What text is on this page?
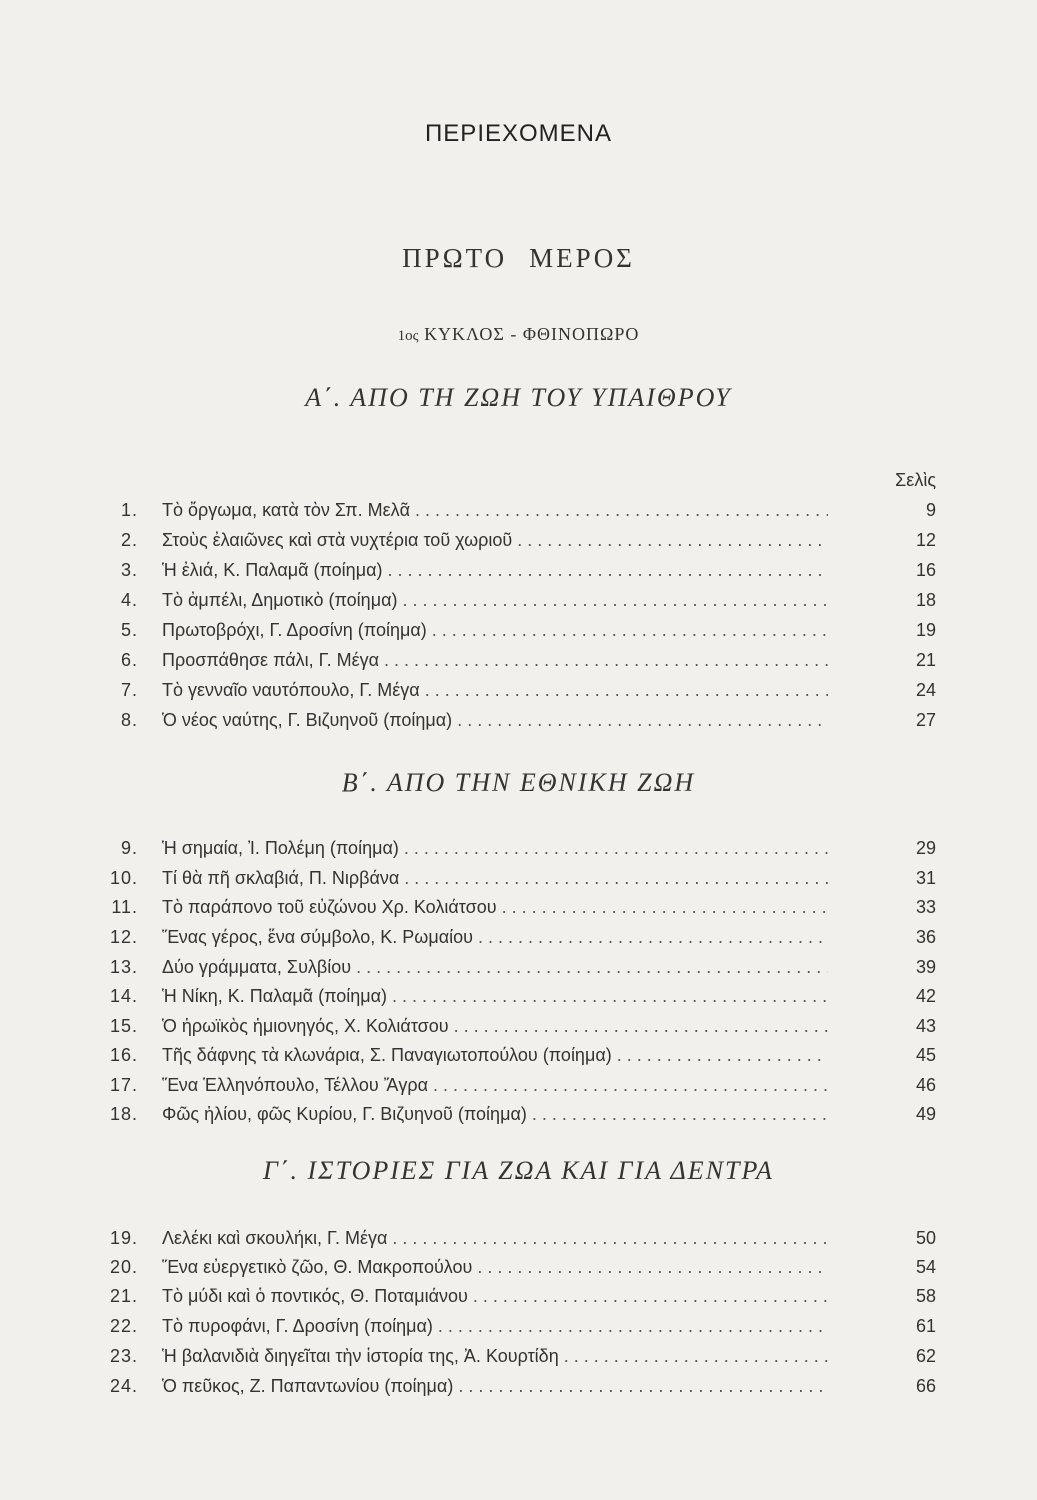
ΠΕΡΙΕΧΟΜΕΝΑ
ΠΡΩΤΟ ΜΕΡΟΣ
1ος ΚΥΚΛΟΣ - ΦΘΙΝΟΠΩΡΟ
Α΄. ΑΠΟ ΤΗ ΖΩΗ ΤΟΥ ΥΠΑΙΘΡΟΥ
Σελὶς
1. Τὸ ὄργωμα, κατὰ τὸν Σπ. Μελᾶ . . .	9
2. Στοὺς ἐλαιῶνες καὶ στὰ νυχτέρια τοῦ χωριοῦ . . .	12
3. Ἡ ἐλιά, Κ. Παλαμᾶ (ποίημα) . . .	16
4. Τὸ ἀμπέλι, Δημοτικὸ (ποίημα) . . .	18
5. Πρωτοβρόχι, Γ. Δροσίνη (ποίημα) . . .	19
6. Προσπάθησε πάλι, Γ. Μέγα . . .	21
7. Τὸ γενναῖο ναυτόπουλο, Γ. Μέγα . . .	24
8. Ὁ νέος ναύτης, Γ. Βιζυηνοῦ (ποίημα) . . .	27
Β΄. ΑΠΟ ΤΗΝ ΕΘΝΙΚΗ ΖΩΗ
9. Ἡ σημαία, Ἰ. Πολέμη (ποίημα) . . .	29
10. Τί θὰ πῆ σκλαβιά, Π. Νιρβάνα . . .	31
11. Τὸ παράπονο τοῦ εὐζώνου Χρ. Κολιάτσου . . .	33
12. Ἕνας γέρος, ἕνα σύμβολο, Κ. Ρωμαίου . . .	36
13. Δύο γράμματα, Συλβίου . . .	39
14. Ἡ Νίκη, Κ. Παλαμᾶ (ποίημα) . . .	42
15. Ὁ ἡρωϊκὸς ἡμιονηγός, Χ. Κολιάτσου . . .	43
16. Τῆς δάφνης τὰ κλωνάρια, Σ. Παναγιωτοπούλου (ποίημα) . . .	45
17. Ἕνα Ἑλληνόπουλο, Τέλλου Ἄγρα . . .	46
18. Φῶς ἡλίου, φῶς Κυρίου, Γ. Βιζυηνοῦ (ποίημα) . . .	49
Γ΄. ΙΣΤΟΡΙΕΣ ΓΙΑ ΖΩΑ ΚΑΙ ΓΙΑ ΔΕΝΤΡΑ
19. Λελέκι καὶ σκουλήκι, Γ. Μέγα . . .	50
20. Ἕνα εὐεργετικὸ ζῶο, Θ. Μακροπούλου . . .	54
21. Τὸ μύδι καὶ ὁ ποντικός, Θ. Ποταμιάνου . . .	58
22. Τὸ πυροφάνι, Γ. Δροσίνη (ποίημα) . . .	61
23. Ἡ βαλανιδιὰ διηγεῖται τὴν ἱστορία της, Ἀ. Κουρτίδη . . .	62
24. Ὁ πεῦκος, Ζ. Παπαντωνίου (ποίημα) . . .	66
